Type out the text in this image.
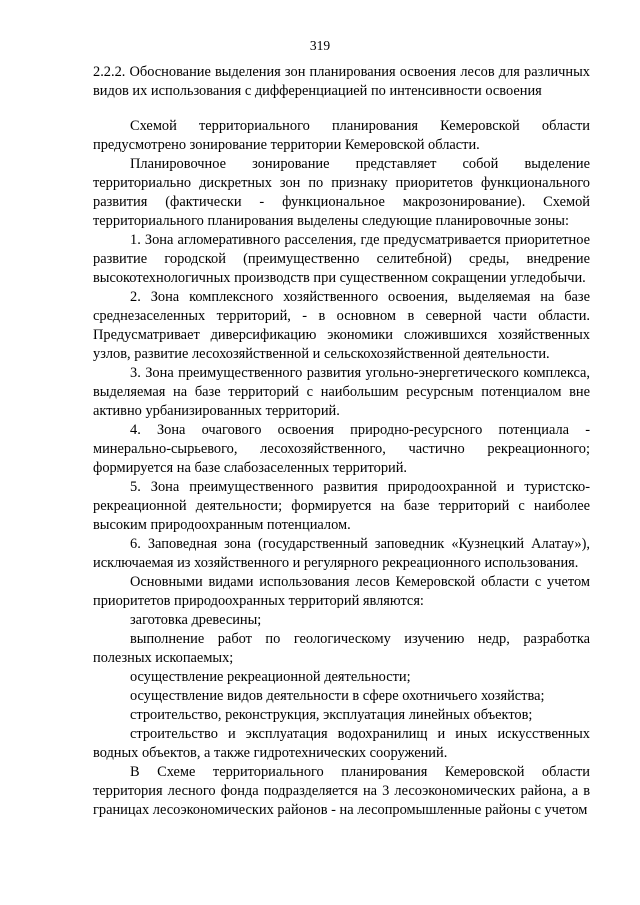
319
2.2.2. Обоснование выделения зон планирования освоения лесов для различных видов их использования с дифференциацией по интенсивности освоения

Схемой территориального планирования Кемеровской области предусмотрено зонирование территории Кемеровской области.

Планировочное зонирование представляет собой выделение территориально дискретных зон по признаку приоритетов функционального развития (фактически - функциональное макрозонирование). Схемой территориального планирования выделены следующие планировочные зоны:

1. Зона агломеративного расселения, где предусматривается приоритетное развитие городской (преимущественно селитебной) среды, внедрение высокотехнологичных производств при существенном сокращении угледобычи.

2. Зона комплексного хозяйственного освоения, выделяемая на базе среднезаселенных территорий, - в основном в северной части области. Предусматривает диверсификацию экономики сложившихся хозяйственных узлов, развитие лесохозяйственной и сельскохозяйственной деятельности.

3. Зона преимущественного развития угольно-энергетического комплекса, выделяемая на базе территорий с наибольшим ресурсным потенциалом вне активно урбанизированных территорий.

4. Зона очагового освоения природно-ресурсного потенциала - минерально-сырьевого, лесохозяйственного, частично рекреационного; формируется на базе слабозаселенных территорий.

5. Зона преимущественного развития природоохранной и туристско-рекреационной деятельности; формируется на базе территорий с наиболее высоким природоохранным потенциалом.

6. Заповедная зона (государственный заповедник «Кузнецкий Алатау»), исключаемая из хозяйственного и регулярного рекреационного использования.

Основными видами использования лесов Кемеровской области с учетом приоритетов природоохранных территорий являются:

заготовка древесины;

выполнение работ по геологическому изучению недр, разработка полезных ископаемых;

осуществление рекреационной деятельности;

осуществление видов деятельности в сфере охотничьего хозяйства;

строительство, реконструкция, эксплуатация линейных объектов;

строительство и эксплуатация водохранилищ и иных искусственных водных объектов, а также гидротехнических сооружений.

В Схеме территориального планирования Кемеровской области территория лесного фонда подразделяется на 3 лесоэкономических района, а в границах лесоэкономических районов - на лесопромышленные районы с учетом
